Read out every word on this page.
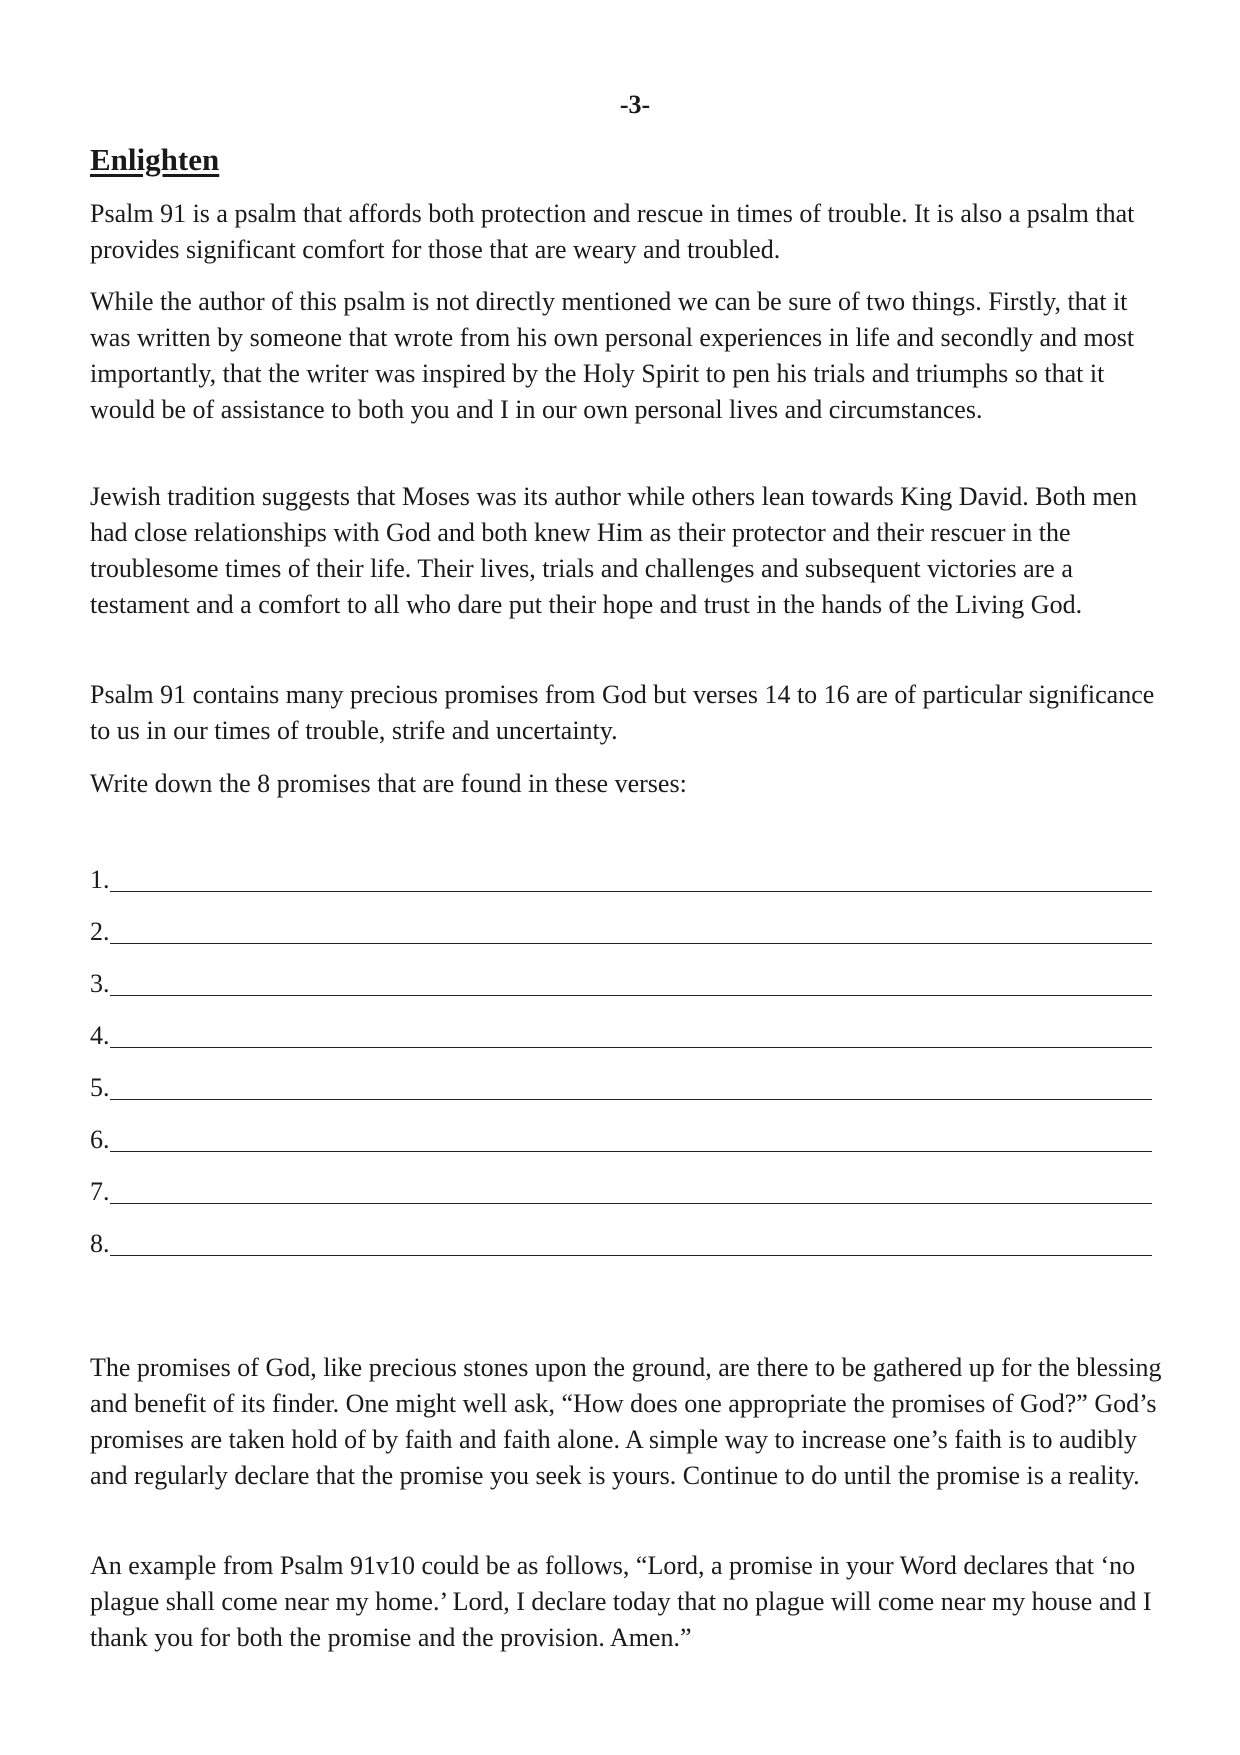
-3-
Enlighten

Psalm 91 is a psalm that affords both protection and rescue in times of trouble. It is also a psalm that provides significant comfort for those that are weary and troubled.

While the author of this psalm is not directly mentioned we can be sure of two things. Firstly, that it was written by someone that wrote from his own personal experiences in life and secondly and most importantly, that the writer was inspired by the Holy Spirit to pen his trials and triumphs so that it would be of assistance to both you and I in our own personal lives and circumstances.

Jewish tradition suggests that Moses was its author while others lean towards King David. Both men had close relationships with God and both knew Him as their protector and their rescuer in the troublesome times of their life. Their lives, trials and challenges and subsequent victories are a testament and a comfort to all who dare put their hope and trust in the hands of the Living God.

Psalm 91 contains many precious promises from God but verses 14 to 16 are of particular significance to us in our times of trouble, strife and uncertainty.

Write down the 8 promises that are found in these verses:

1.
2.
3.
4.
5.
6.
7.
8.

The promises of God, like precious stones upon the ground, are there to be gathered up for the blessing and benefit of its finder. One might well ask, “How does one appropriate the promises of God?” God’s promises are taken hold of by faith and faith alone. A simple way to increase one’s faith is to audibly and regularly declare that the promise you seek is yours. Continue to do until the promise is a reality.

An example from Psalm 91v10 could be as follows, “Lord, a promise in your Word declares that ‘no plague shall come near my home.’ Lord, I declare today that no plague will come near my house and I thank you for both the promise and the provision. Amen.”
